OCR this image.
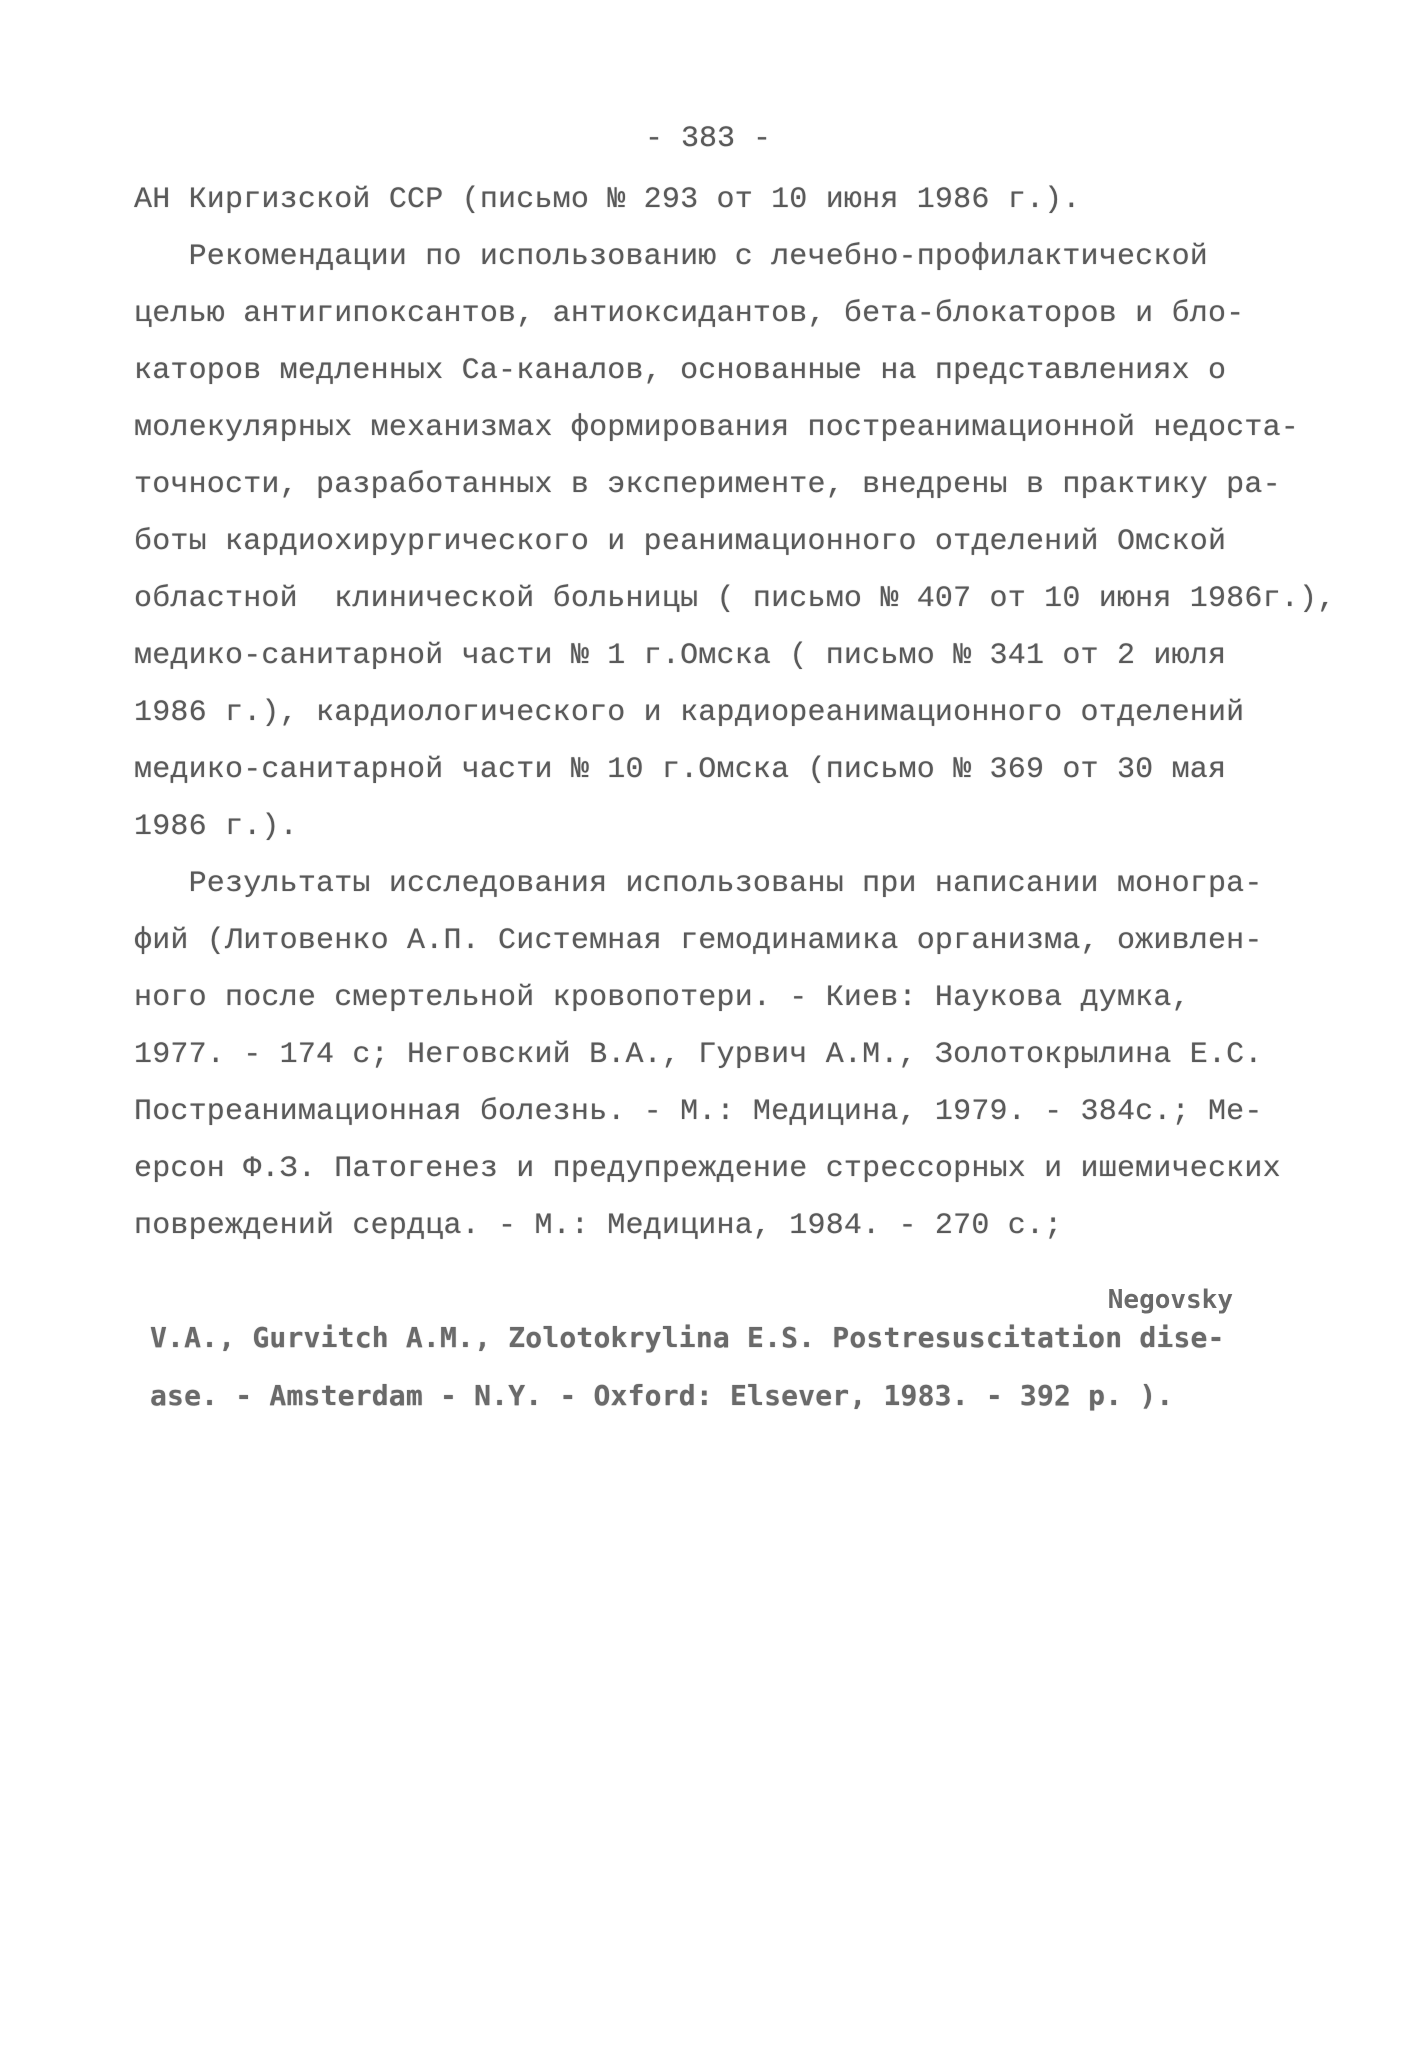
- 383 -
АН Киргизской ССР (письмо № 293 от 10 июня 1986 г.).
Рекомендации по использованию с лечебно-профилактической
целью антигипоксантов, антиоксидантов, бета-блокаторов и бло-
каторов медленных Са-каналов, основанные на представлениях о
молекулярных механизмах формирования постреанимационной недоста-
точности, разработанных в эксперименте, внедрены в практику ра-
боты кардиохирургического и реанимационного отделений Омской
областной  клинической больницы ( письмо № 407 от 10 июня 1986г.),
медико-санитарной части № 1 г.Омска ( письмо № 341 от 2 июля
1986 г.), кардиологического и кардиореанимационного отделений
медико-санитарной части № 10 г.Омска (письмо № 369 от 30 мая
1986 г.).
Результаты исследования использованы при написании моногра-
фий (Литовенко А.П. Системная гемодинамика организма, оживлен-
ного после смертельной кровопотери. - Киев: Наукова думка,
1977. - 174 с; Неговский В.А., Гурвич А.М., Золотокрылина Е.С.
Постреанимационная болезнь. - М.: Медицина, 1979. - 384с.; Ме-
ерсон Ф.З. Патогенез и предупреждение стрессорных и ишемических
повреждений сердца. - М.: Медицина, 1984. - 270 с.;
Negovsky
V.A., Gurvitch A.M., Zolotokrylina E.S. Postresuscitation dise-
ase. - Amsterdam - N.Y. - Oxford: Elsever, 1983. - 392 p. ).
